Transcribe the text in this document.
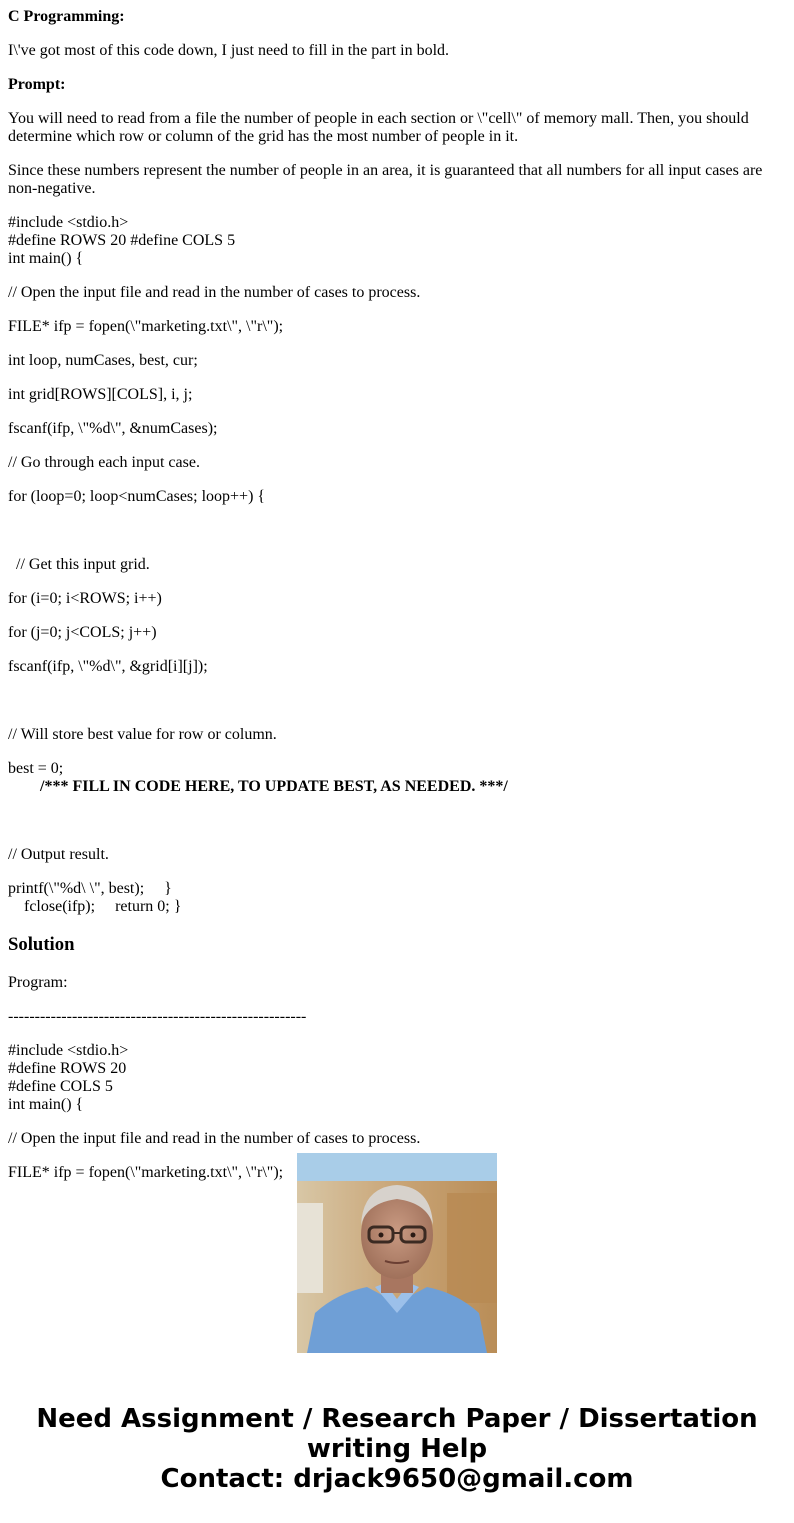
C Programming:

I\'ve got most of this code down, I just need to fill in the part in bold.

Prompt:

You will need to read from a file the number of people in each section or \"cell\" of memory mall. Then, you should determine which row or column of the grid has the most number of people in it.

Since these numbers represent the number of people in an area, it is guaranteed that all numbers for all input cases are non-negative.

#include <stdio.h>
#define ROWS 20 #define COLS 5
int main() {

// Open the input file and read in the number of cases to process.

FILE* ifp = fopen(\"marketing.txt\", \"r\");

int loop, numCases, best, cur;

int grid[ROWS][COLS], i, j;

fscanf(ifp, \"%d\", &numCases);

// Go through each input case.

for (loop=0; loop<numCases; loop++) {

// Get this input grid.

for (i=0; i<ROWS; i++)

for (j=0; j<COLS; j++)

fscanf(ifp, \"%d\", &grid[i][j]);

// Will store best value for row or column.

best = 0;
/*** FILL IN CODE HERE, TO UPDATE BEST, AS NEEDED. ***/

// Output result.

printf(\"%d\ \", best);     }
fclose(ifp);     return 0; }

Solution

Program:

--------------------------------------------------------

#include <stdio.h>
#define ROWS 20
#define COLS 5
int main() {

// Open the input file and read in the number of cases to process.

FILE* ifp = fopen(\"marketing.txt\", \"r\");

Need Assignment / Research Paper / Dissertation
writing Help
Contact: drjack9650@gmail.com
